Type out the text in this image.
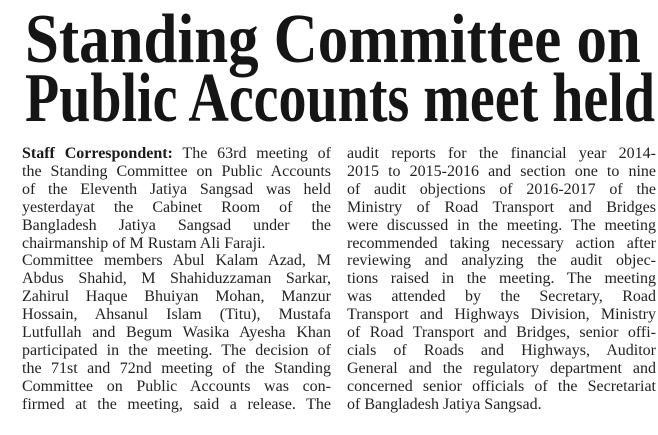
Standing Committee on
Public Accounts meet held
Staff Correspondent: The 63rd meeting of
the Standing Committee on Public Accounts
of the Eleventh Jatiya Sangsad was held
yesterdayat the Cabinet Room of the
Bangladesh Jatiya Sangsad under the
chairmanship of M Rustam Ali Faraji.
Committee members Abul Kalam Azad, M
Abdus Shahid, M Shahiduzzaman Sarkar,
Zahirul Haque Bhuiyan Mohan, Manzur
Hossain, Ahsanul Islam (Titu), Mustafa
Lutfullah and Begum Wasika Ayesha Khan
participated in the meeting. The decision of
the 71st and 72nd meeting of the Standing
Committee on Public Accounts was con-
firmed at the meeting, said a release. The
audit reports for the financial year 2014-
2015 to 2015-2016 and section one to nine
of audit objections of 2016-2017 of the
Ministry of Road Transport and Bridges
were discussed in the meeting. The meeting
recommended taking necessary action after
reviewing and analyzing the audit objec-
tions raised in the meeting. The meeting
was attended by the Secretary, Road
Transport and Highways Division, Ministry
of Road Transport and Bridges, senior offi-
cials of Roads and Highways, Auditor
General and the regulatory department and
concerned senior officials of the Secretariat
of Bangladesh Jatiya Sangsad.
